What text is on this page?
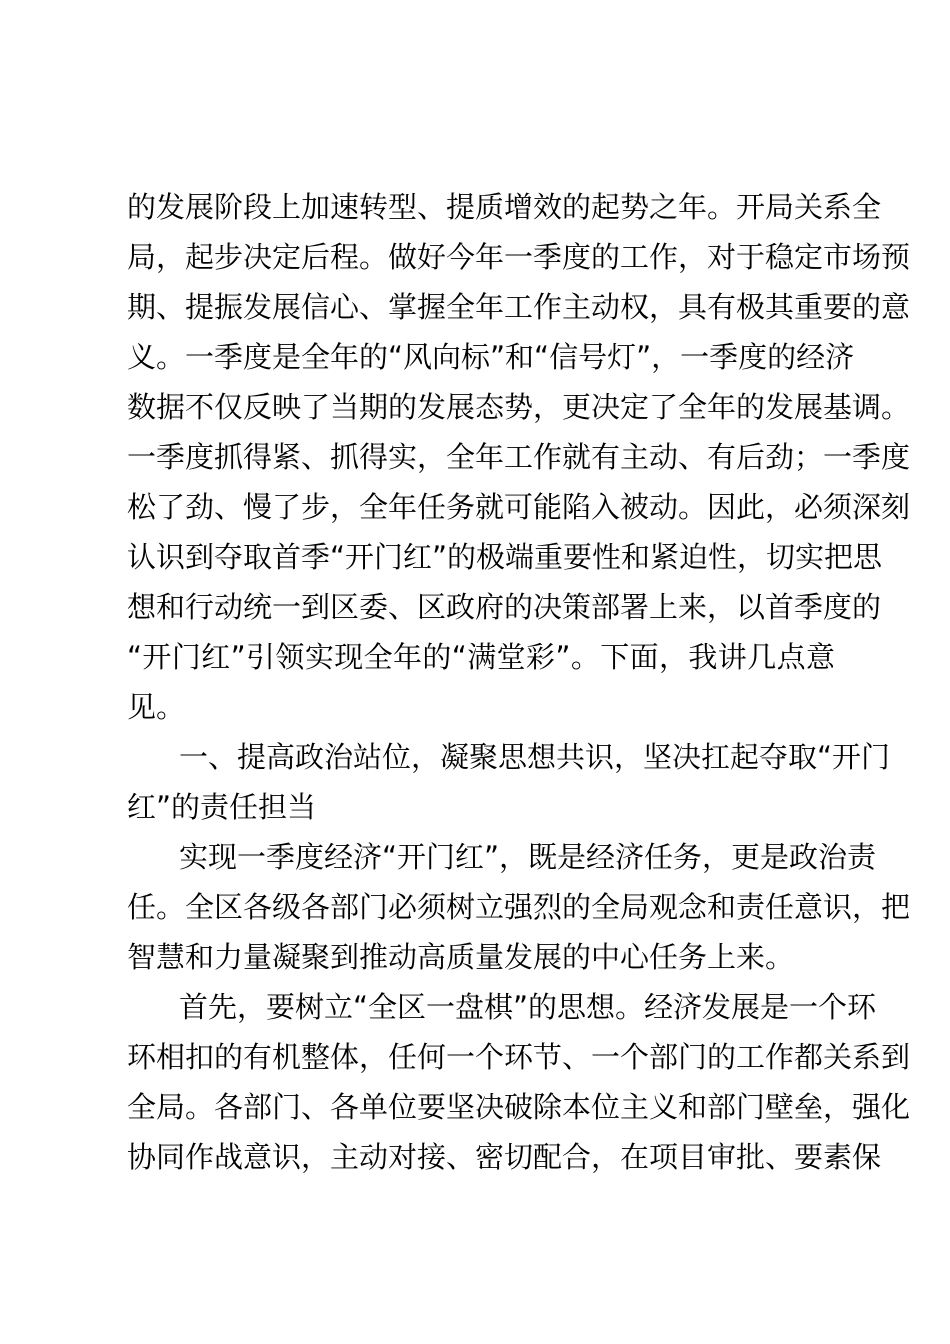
的发展阶段上加速转型、提质增效的起势之年。开局关系全
局，起步决定后程。做好今年一季度的工作，对于稳定市场预
期、提振发展信心、掌握全年工作主动权，具有极其重要的意
义。一季度是全年的“风向标”和“信号灯”，一季度的经济
数据不仅反映了当期的发展态势，更决定了全年的发展基调。
一季度抓得紧、抓得实，全年工作就有主动、有后劲；一季度
松了劲、慢了步，全年任务就可能陷入被动。因此，必须深刻
认识到夺取首季“开门红”的极端重要性和紧迫性，切实把思
想和行动统一到区委、区政府的决策部署上来，以首季度的
“开门红”引领实现全年的“满堂彩”。下面，我讲几点意
见。
一、提高政治站位，凝聚思想共识，坚决扛起夺取“开门
红”的责任担当
实现一季度经济“开门红”，既是经济任务，更是政治责
任。全区各级各部门必须树立强烈的全局观念和责任意识，把
智慧和力量凝聚到推动高质量发展的中心任务上来。
首先，要树立“全区一盘棋”的思想。经济发展是一个环
环相扣的有机整体，任何一个环节、一个部门的工作都关系到
全局。各部门、各单位要坚决破除本位主义和部门壁垒，强化
协同作战意识，主动对接、密切配合，在项目审批、要素保
